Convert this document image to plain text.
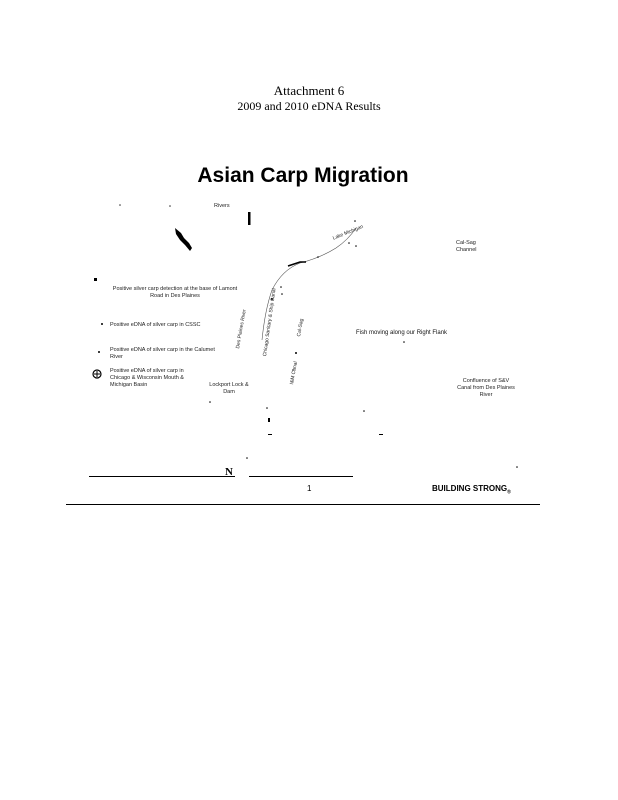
Attachment 6
2009 and 2010 eDNA Results
Asian Carp Migration
Rivers
Lake Michigan
Cal-Sag Channel
Positive silver carp detection at the base of Lamont Road in Des Plaines
Positive eDNA of silver carp in CSSC
Positive eDNA of silver carp in the Calumet River
Positive eDNA of silver carp in Chicago & Wisconsin Mouth & Michigan Basin
Des Plaines River	Chicago Sanitary & Ship Canal	Cal-Sag
I&M Canal
Fish moving along our Right Flank
Lockport Lock & Dam
Confluence of S&V Canal from Des Plaines River
N
1	BUILDING $STRONG_®$
